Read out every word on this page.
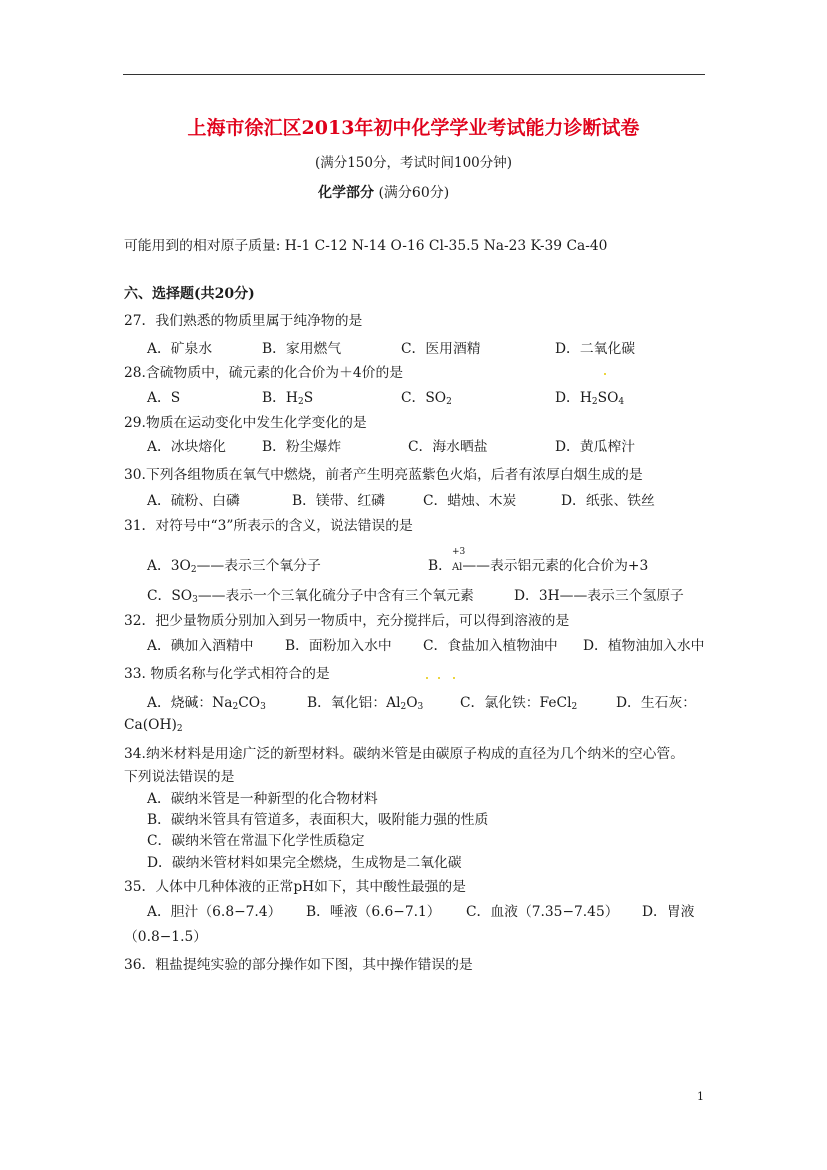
上海市徐汇区2013年初中化学学业考试能力诊断试卷
(满分150分，考试时间100分钟)
化学部分 (满分60分)
可能用到的相对原子质量: H-1 C-12 N-14 O-16 Cl-35.5 Na-23 K-39 Ca-40
六、选择题(共20分)
27．我们熟悉的物质里属于纯净物的是
A．矿泉水	B．家用燃气	C．医用酒精	D．二氧化碳
28.含硫物质中，硫元素的化合价为＋4价的是
A．S	B．$H_2S$	C．$SO_2$	D．$H_2SO_4$
29.物质在运动变化中发生化学变化的是
A．冰块熔化	B．粉尘爆炸	C．海水晒盐	D．黄瓜榨汁
30.下列各组物质在氧气中燃烧，前者产生明亮蓝紫色火焰，后者有浓厚白烟生成的是
A．硫粉、白磷	B．镁带、红磷	C．蜡烛、木炭	D．纸张、铁丝
31．对符号中“3”所表示的含义，说法错误的是
A．$3O_2——$表示三个氧分子	B．
+3
Al——表示铝元素的化合价为+3
C．$SO_3——$表示一个三氧化硫分子中含有三个氧元素	D．3H——表示三个氢原子
32．把少量物质分别加入到另一物质中，充分搅拌后，可以得到溶液的是
A．碘加入酒精中 B．面粉加入水中 C．食盐加入植物油中 D．植物油加入水中
33. 物质名称与化学式相符合的是
A．烧碱：$Na_2CO_3$	B．氧化铝：$Al_2O_3$	C．氯化铁：FeCl$_2$	D．生石灰：
$Ca(OH)_2$
34.纳米材料是用途广泛的新型材料。碳纳米管是由碳原子构成的直径为几个纳米的空心管。
下列说法错误的是
A．碳纳米管是一种新型的化合物材料
B．碳纳米管具有管道多，表面积大，吸附能力强的性质
C．碳纳米管在常温下化学性质稳定
D．碳纳米管材料如果完全燃烧，生成物是二氧化碳
35．人体中几种体液的正常pH如下，其中酸性最强的是
A．胆汁（6.8−7.4） B．唾液（6.6−7.1） C．血液（7.35−7.45） D．胃液
（0.8−1.5）
36．粗盐提纯实验的部分操作如下图，其中操作错误的是
1
